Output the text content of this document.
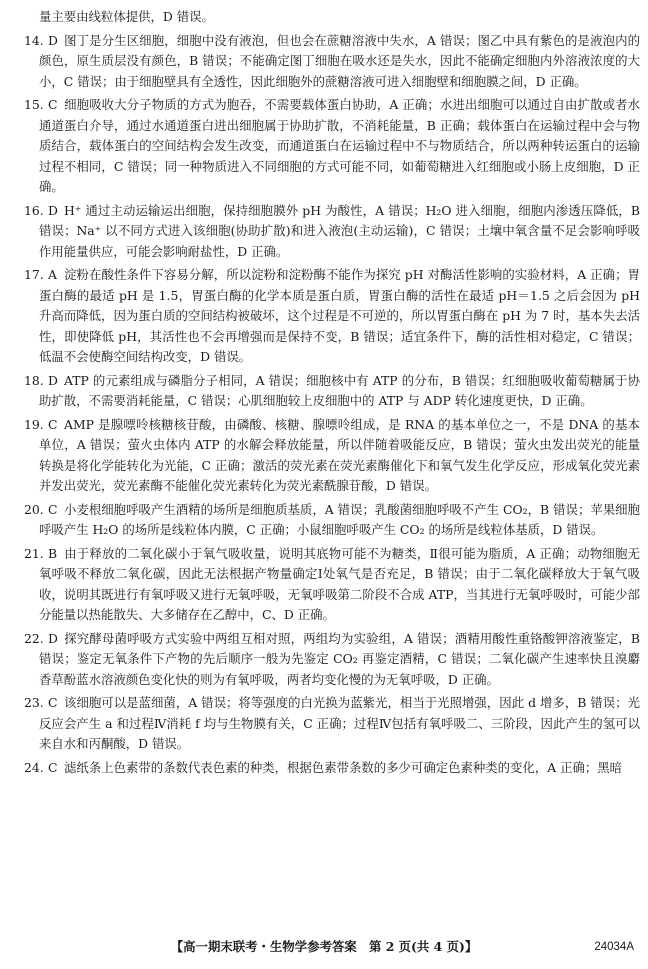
量主要由线粒体提供，D 错误。

14. D 图丁是分生区细胞，细胞中没有液泡，但也会在蔗糖溶液中失水，A 错误；图乙中具有紫色的是液泡内的颜色，原生质层没有颜色，B 错误；不能确定图丁细胞在吸水还是失水，因此不能确定细胞内外溶液浓度的大小，C 错误；由于细胞壁具有全透性，因此细胞外的蔗糖溶液可进入细胞壁和细胞膜之间，D 正确。

15. C 细胞吸收大分子物质的方式为胞吞，不需要载体蛋白协助，A 正确；水进出细胞可以通过自由扩散或者水通道蛋白介导，通过水通道蛋白进出细胞属于协助扩散，不消耗能量，B 正确；载体蛋白在运输过程中会与物质结合，载体蛋白的空间结构会发生改变，而通道蛋白在运输过程中不与物质结合，所以两种转运蛋白的运输过程不相同，C 错误；同一种物质进入不同细胞的方式可能不同，如葡萄糖进入红细胞或小肠上皮细胞，D 正确。

16. D H⁺ 通过主动运输运出细胞，保持细胞膜外 pH 为酸性，A 错误；H₂O 进入细胞，细胞内渗透压降低，B 错误；Na⁺ 以不同方式进入该细胞(协助扩散)和进入液泡(主动运输)，C 错误；土壤中氧含量不足会影响呼吸作用能量供应，可能会影响耐盐性，D 正确。

17. A 淀粉在酸性条件下容易分解，所以淀粉和淀粉酶不能作为探究 pH 对酶活性影响的实验材料，A 正确；胃蛋白酶的最适 pH 是 1.5，胃蛋白酶的化学本质是蛋白质，胃蛋白酶的活性在最适 pH＝1.5 之后会因为 pH 升高而降低，因为蛋白质的空间结构被破坏，这个过程是不可逆的，所以胃蛋白酶在 pH 为 7 时，基本失去活性，即使降低 pH，其活性也不会再增强而是保持不变，B 错误；适宜条件下，酶的活性相对稳定，C 错误；低温不会使酶空间结构改变，D 错误。

18. D ATP 的元素组成与磷脂分子相同，A 错误；细胞核中有 ATP 的分布，B 错误；红细胞吸收葡萄糖属于协助扩散，不需要消耗能量，C 错误；心肌细胞较上皮细胞中的 ATP 与 ADP 转化速度更快，D 正确。

19. C AMP 是腺嘌呤核糖核苷酸，由磷酸、核糖、腺嘌呤组成，是 RNA 的基本单位之一，不是 DNA 的基本单位，A 错误；萤火虫体内 ATP 的水解会释放能量，所以伴随着吸能反应，B 错误；萤火虫发出荧光的能量转换是将化学能转化为光能，C 正确；激活的荧光素在荧光素酶催化下和氧气发生化学反应，形成氧化荧光素并发出荧光，荧光素酶不能催化荧光素转化为荧光素酰腺苷酸，D 错误。

20. C 小麦根细胞呼吸产生酒精的场所是细胞质基质，A 错误；乳酸菌细胞呼吸不产生 CO₂，B 错误；苹果细胞呼吸产生 H₂O 的场所是线粒体内膜，C 正确；小鼠细胞呼吸产生 CO₂ 的场所是线粒体基质，D 错误。

21. B 由于释放的二氧化碳小于氧气吸收量，说明其底物可能不为糖类，Ⅱ很可能为脂质，A 正确；动物细胞无氧呼吸不释放二氧化碳，因此无法根据产物量确定Ⅰ处氧气是否充足，B 错误；由于二氧化碳释放大于氧气吸收，说明其既进行有氧呼吸又进行无氧呼吸，无氧呼吸第二阶段不合成 ATP，当其进行无氧呼吸时，可能少部分能量以热能散失、大多储存在乙醇中，C、D 正确。

22. D 探究酵母菌呼吸方式实验中两组互相对照，两组均为实验组，A 错误；酒精用酸性重铬酸钾溶液鉴定，B 错误；鉴定无氧条件下产物的先后顺序一般为先鉴定 CO₂ 再鉴定酒精，C 错误；二氧化碳产生速率快且溴麝香草酚蓝水溶液颜色变化快的则为有氧呼吸，两者均变化慢的为无氧呼吸，D 正确。

23. C 该细胞可以是蓝细菌，A 错误；将等强度的白光换为蓝紫光，相当于光照增强，因此 d 增多，B 错误；光反应会产生 a 和过程Ⅳ消耗 f 均与生物膜有关，C 正确；过程Ⅳ包括有氧呼吸二、三阶段，因此产生的氢可以来自水和丙酮酸，D 错误。

24. C 滤纸条上色素带的条数代表色素的种类，根据色素带条数的多少可确定色素种类的变化，A 正确；黑暗

【高一期末联考・生物学参考答案　第 2 页(共 4 页)】	24034A
